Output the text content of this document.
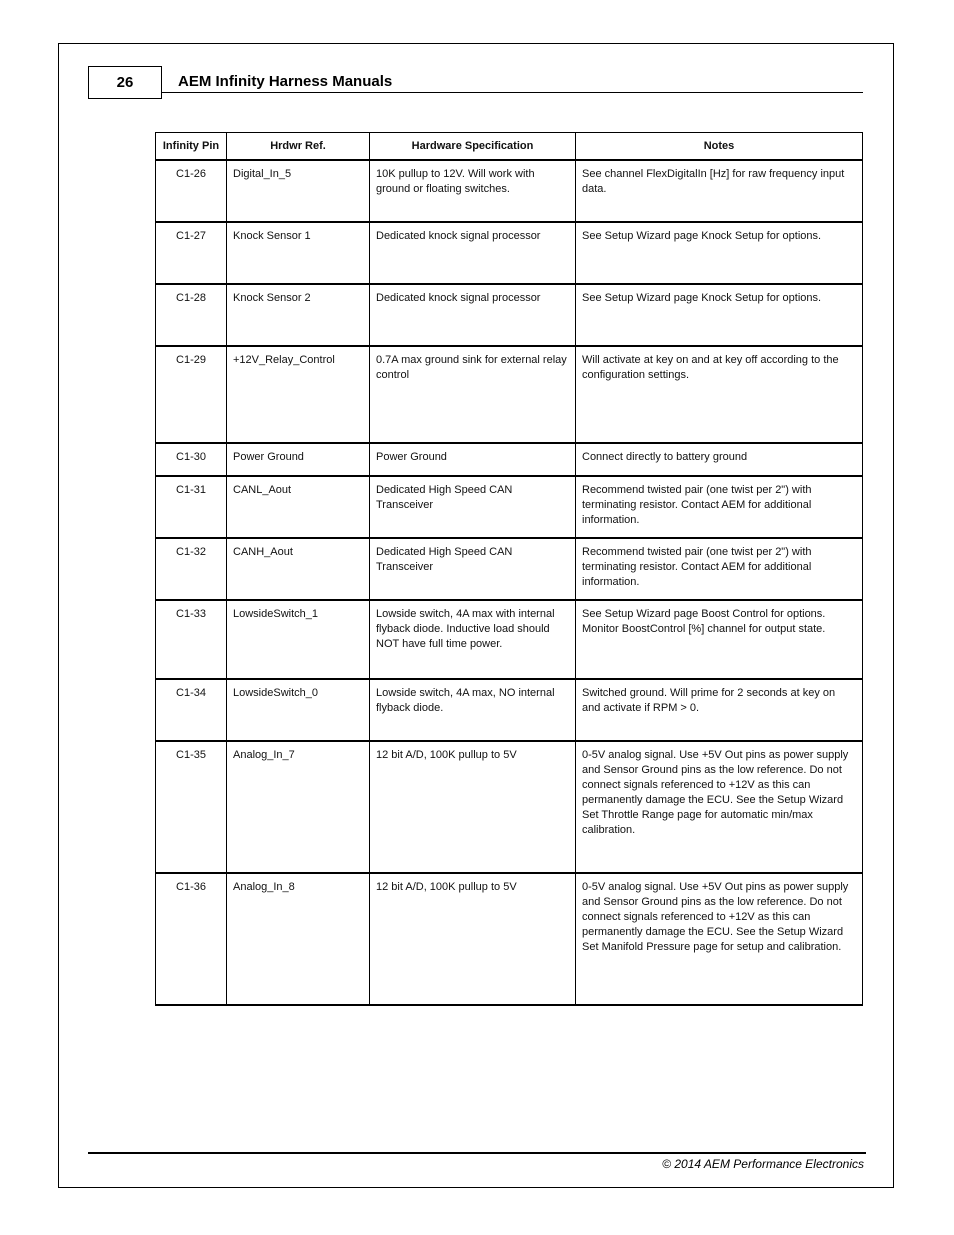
26	AEM Infinity Harness Manuals
Infinity Pin	Hrdwr Ref.	Hardware Specification	Notes
C1-26	Digital_In_5	10K pullup to 12V. Will work with ground or floating switches.	See channel FlexDigitalIn [Hz] for raw frequency input data.
C1-27	Knock Sensor 1	Dedicated knock signal processor	See Setup Wizard page Knock Setup for options.
C1-28	Knock Sensor 2	Dedicated knock signal processor	See Setup Wizard page Knock Setup for options.
C1-29	+12V_Relay_Control	0.7A max ground sink for external relay control	Will activate at key on and at key off according to the configuration settings.
C1-30	Power Ground	Power Ground	Connect directly to battery ground
C1-31	CANL_Aout	Dedicated High Speed CAN Transceiver	Recommend twisted pair (one twist per 2") with terminating resistor. Contact AEM for additional information.
C1-32	CANH_Aout	Dedicated High Speed CAN Transceiver	Recommend twisted pair (one twist per 2") with terminating resistor. Contact AEM for additional information.
C1-33	LowsideSwitch_1	Lowside switch, 4A max with internal flyback diode. Inductive load should NOT have full time power.	See Setup Wizard page Boost Control for options. Monitor BoostControl [%] channel for output state.
C1-34	LowsideSwitch_0	Lowside switch, 4A max, NO internal flyback diode.	Switched ground. Will prime for 2 seconds at key on and activate if RPM > 0.
C1-35	Analog_In_7	12 bit A/D, 100K pullup to 5V	0-5V analog signal. Use +5V Out pins as power supply and Sensor Ground pins as the low reference. Do not connect signals referenced to +12V as this can permanently damage the ECU. See the Setup Wizard Set Throttle Range page for automatic min/max calibration.
C1-36	Analog_In_8	12 bit A/D, 100K pullup to 5V	0-5V analog signal. Use +5V Out pins as power supply and Sensor Ground pins as the low reference. Do not connect signals referenced to +12V as this can permanently damage the ECU. See the Setup Wizard Set Manifold Pressure page for setup and calibration.
© 2014 AEM Performance Electronics
